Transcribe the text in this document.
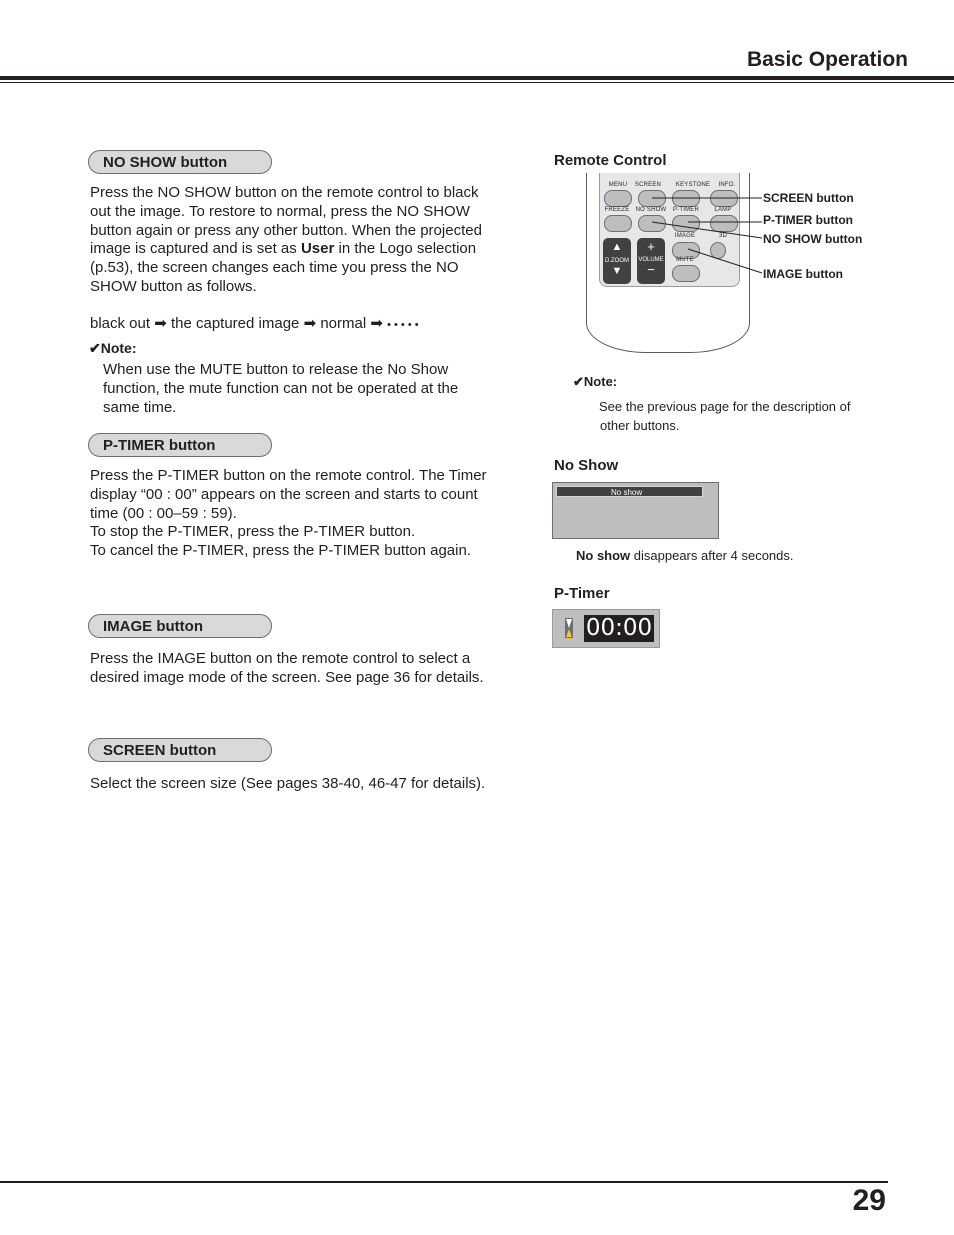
Basic Operation
NO SHOW button
Press the NO SHOW button on the remote control to black
out the image. To restore to normal, press the NO SHOW
button again or press any other button. When the projected
image is captured and is set as User in the Logo selection
(p.53), the screen changes each time you press the NO
SHOW button as follows.
black out ➡ the captured image ➡ normal ➡ • • • • •
✔Note:
When use the MUTE button to release the No Show
function, the mute function can not be operated at the
same time.
P-TIMER button
Press the P-TIMER button on the remote control. The Timer
display “00 : 00” appears on the screen and starts to count
time (00 : 00–59 : 59).
To stop the P-TIMER, press the P-TIMER button.
To cancel the P-TIMER, press the P-TIMER button again.
IMAGE button
Press the IMAGE button on the remote control to select a
desired image mode of the screen. See page 36 for details.
SCREEN button
Select the screen size (See pages 38-40, 46-47 for details).
Remote Control
MENU	SCREEN	KEYSTONE	INFO.
FREEZE	NO SHOW	P-TIMER	LAMP
▲
D.ZOOM
▼
+
VOLUME
−
IMAGE	3D
MUTE
SCREEN button
P-TIMER button
NO SHOW button
IMAGE button
✔Note:
See the previous page for the description of
other buttons.
No Show
No show
No show disappears after 4 seconds.
P-Timer
00:00
29
